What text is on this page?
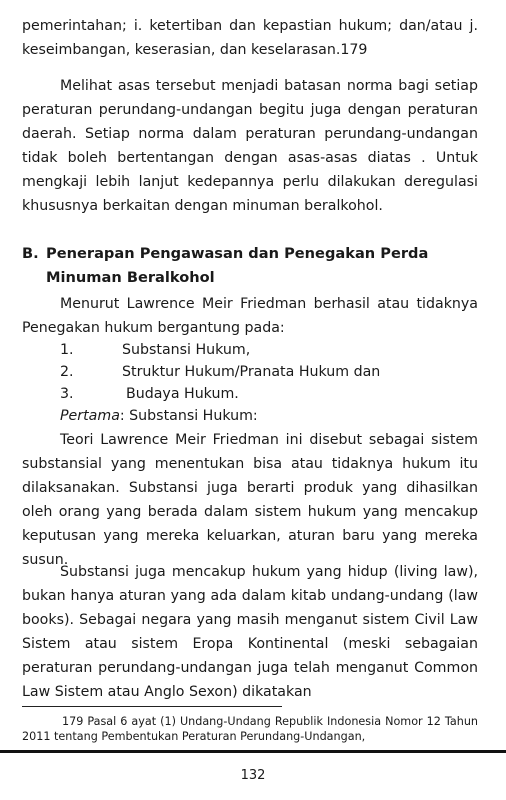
pemerintahan; i. ketertiban dan kepastian hukum; dan/atau j. keseimbangan, keserasian, dan keselarasan.179

Melihat asas tersebut menjadi batasan norma bagi setiap peraturan perundang-undangan begitu juga dengan peraturan daerah. Setiap norma dalam peraturan perundang-undangan tidak boleh bertentangan dengan asas-asas diatas . Untuk mengkaji lebih lanjut kedepannya perlu dilakukan deregulasi khususnya berkaitan dengan minuman beralkohol.

B. Penerapan Pengawasan dan Penegakan Perda Minuman Beralkohol

Menurut Lawrence Meir Friedman berhasil atau tidaknya Penegakan hukum bergantung pada:

1.	Substansi Hukum,

2.	Struktur Hukum/Pranata Hukum dan

3.	Budaya Hukum.

Pertama: Substansi Hukum:

Teori Lawrence Meir Friedman ini disebut sebagai sistem substansial yang menentukan bisa atau tidaknya hukum itu dilaksanakan. Substansi juga berarti produk yang dihasilkan oleh orang yang berada dalam sistem hukum yang mencakup keputusan yang mereka keluarkan, aturan baru yang mereka susun.

Substansi juga mencakup hukum yang hidup (living law), bukan hanya aturan yang ada dalam kitab undang-undang (law books). Sebagai negara yang masih menganut sistem Civil Law Sistem atau sistem Eropa Kontinental (meski sebagaian peraturan perundang-undangan juga telah menganut Common Law Sistem atau Anglo Sexon) dikatakan

179 Pasal 6 ayat (1) Undang-Undang Republik Indonesia Nomor 12 Tahun 2011 tentang Pembentukan Peraturan Perundang-Undangan,

132
